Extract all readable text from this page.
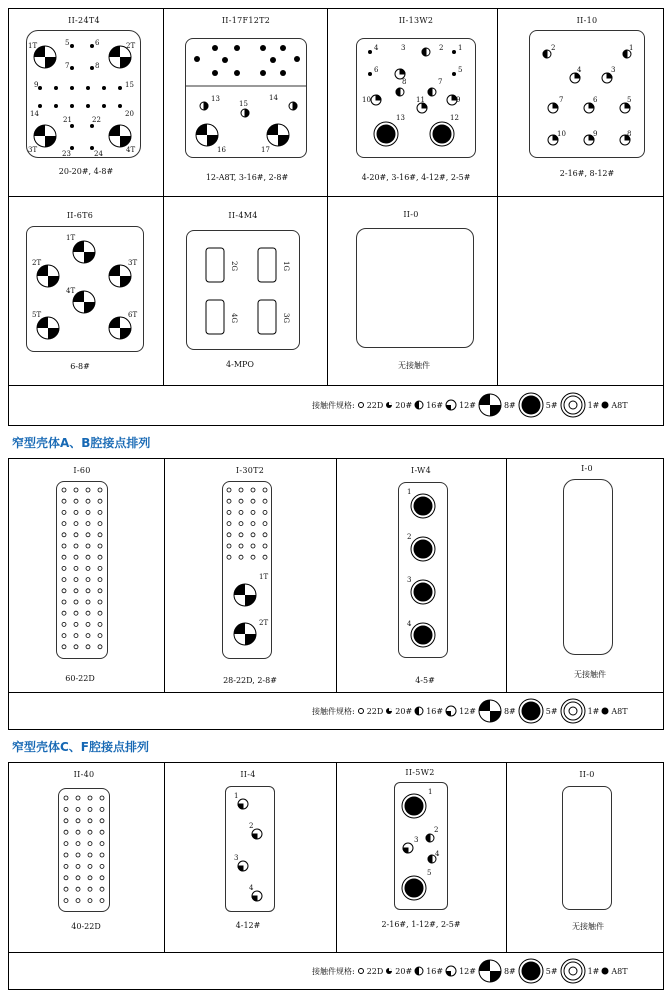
II-24T4
1T	2T
3T	4T
5	6
7	8
9	15
14	20
21	22
23	24
20-20#, 4-8#
II-17F12T2
13
15
14
16	17
12-A8T, 3-16#, 2-8#
II-13W2
4	3	2 1
6	5
8	7
10	9
11
13	12
4-20#, 3-16#, 4-12#, 2-5#
II-10
2	1
4	3
7	6	5
10	9	8
2-16#, 8-12#
II-6T6
1T
2T	3T
4T
5T	6T
6-8#
II-4M4
2G	1G
4G	3G
4-MPO
II-0
无接触件
接触件规格: 22D 20# 16# 12#	8#	5#	1# A8T
窄型壳体A、B腔接点排列
I-60
60-22D
I-30T2
1T
2T
28-22D, 2-8#
I-W4
1
2
3
4
4-5#
I-0
无接触件
接触件规格: 22D 20# 16# 12#	8#	5#	1# A8T
窄型壳体C、F腔接点排列
II-40
40-22D
II-4
1
2
3
4
4-12#
II-5W2
1
2
3
4
5
2-16#, 1-12#, 2-5#
II-0
无接触件
接触件规格: 22D 20# 16# 12#	8#	5#	1# A8T
